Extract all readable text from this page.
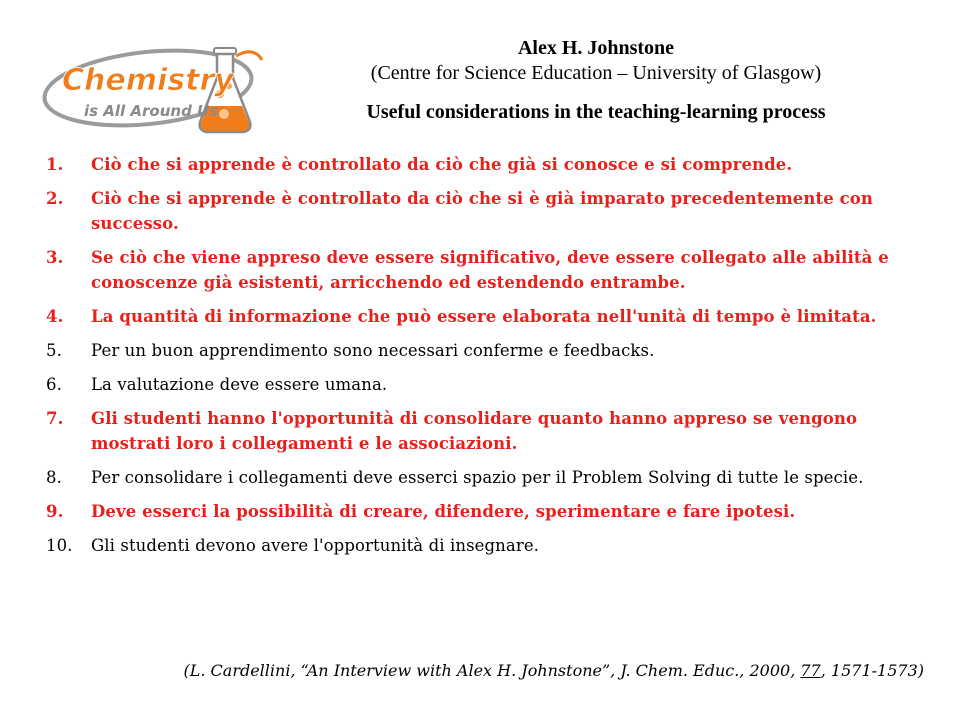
Chemistry
is All Around Us
Alex H. Johnstone
(Centre for Science Education – University of Glasgow)
Useful considerations in the teaching-learning process
1.	Ciò che si apprende è controllato da ciò che già si conosce e si comprende.
2.	Ciò che si apprende è controllato da ciò che si è già imparato precedentemente con successo.
3.	Se ciò che viene appreso deve essere significativo, deve essere collegato alle abilità e conoscenze già esistenti, arricchendo ed estendendo entrambe.
4.	La quantità di informazione che può essere elaborata nell'unità di tempo è limitata.
5.	Per un buon apprendimento sono necessari conferme e feedbacks.
6.	La valutazione deve essere umana.
7.	Gli studenti hanno l'opportunità di consolidare quanto hanno appreso se vengono mostrati loro i collegamenti e le associazioni.
8.	Per consolidare i collegamenti deve esserci spazio per il Problem Solving di tutte le specie.
9.	Deve esserci la possibilità di creare, difendere, sperimentare e fare ipotesi.
10.	Gli studenti devono avere l'opportunità di insegnare.
(L. Cardellini, “An Interview with Alex H. Johnstone”, J. Chem. Educ., 2000, 77, 1571-1573)
